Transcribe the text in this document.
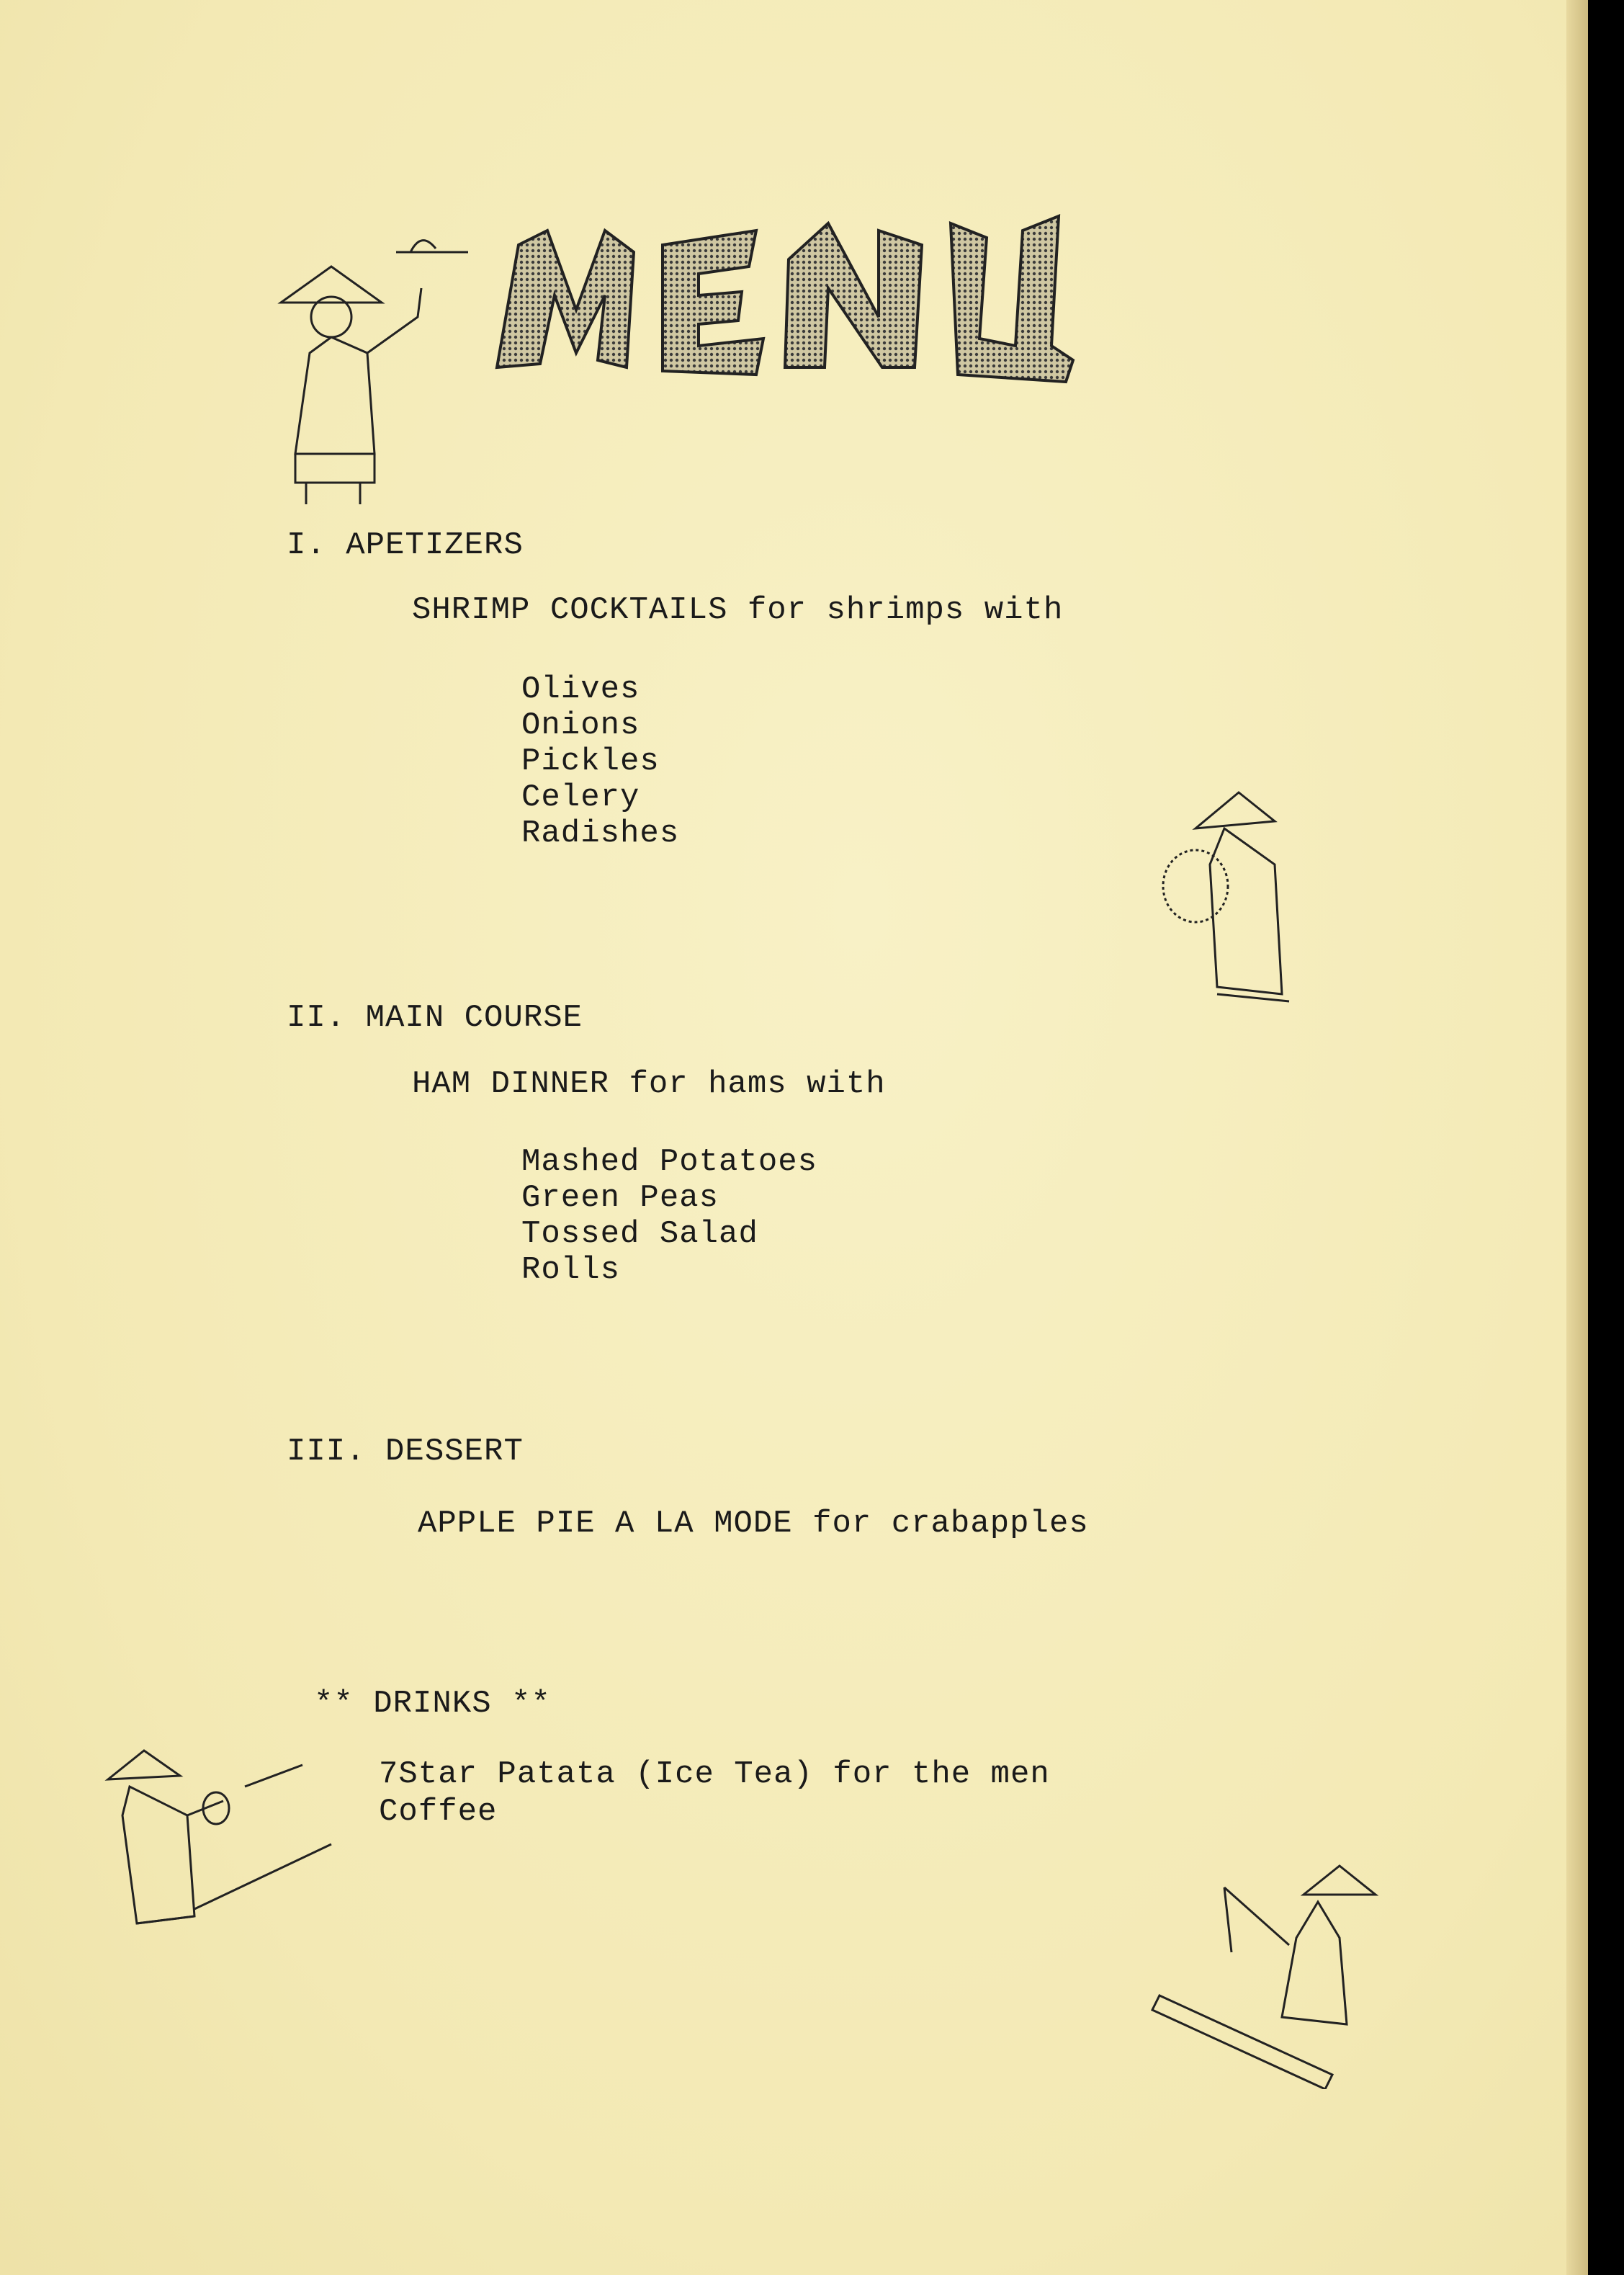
I. APETIZERS
SHRIMP COCKTAILS for shrimps with
Olives
Onions
Pickles
Celery
Radishes
II. MAIN COURSE
HAM DINNER for hams with
Mashed Potatoes
Green Peas
Tossed Salad
Rolls
III. DESSERT
APPLE PIE A LA MODE for crabapples
** DRINKS **
7Star Patata (Ice Tea) for the men
Coffee
